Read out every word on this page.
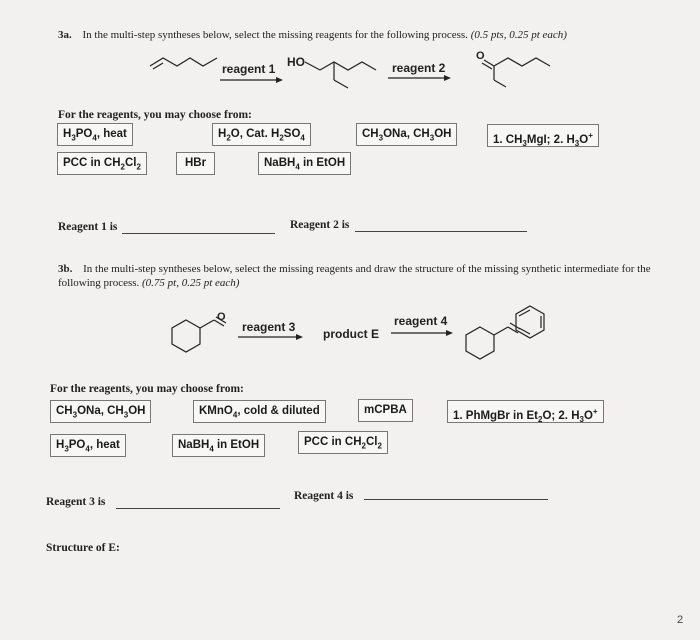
3a. In the multi-step syntheses below, select the missing reagents for the following process. (0.5 pts, 0.25 pt each)
reagent 1 HO	reagent 2
O
For the reagents, you may choose from:
$H_3PO_4$, heat	$H_2O$, Cat. $H_2SO_4$	$CH_3ONa$, $CH_3OH$	1. $CH_3MgI$; 2. $H_3O^+$
PCC in $CH_2Cl_2$	HBr	NaBH$_4$ in EtOH
Reagent 1 is	Reagent 2 is
3b. In the multi-step syntheses below, select the missing reagents and draw the structure of the missing synthetic intermediate for the following process. (0.75 pt, 0.25 pt each)
O
reagent 3 product E
reagent 4
For the reagents, you may choose from:
$CH_3ONa$, $CH_3OH$	KMnO$_4$, cold & diluted	mCPBA	1. PhMgBr in $Et_2O$; 2. $H_3O^+$
$H_3PO_4$, heat	NaBH$_4$ in EtOH	PCC in $CH_2Cl_2$
Reagent 3 is	Reagent 4 is
Structure of E:
2
